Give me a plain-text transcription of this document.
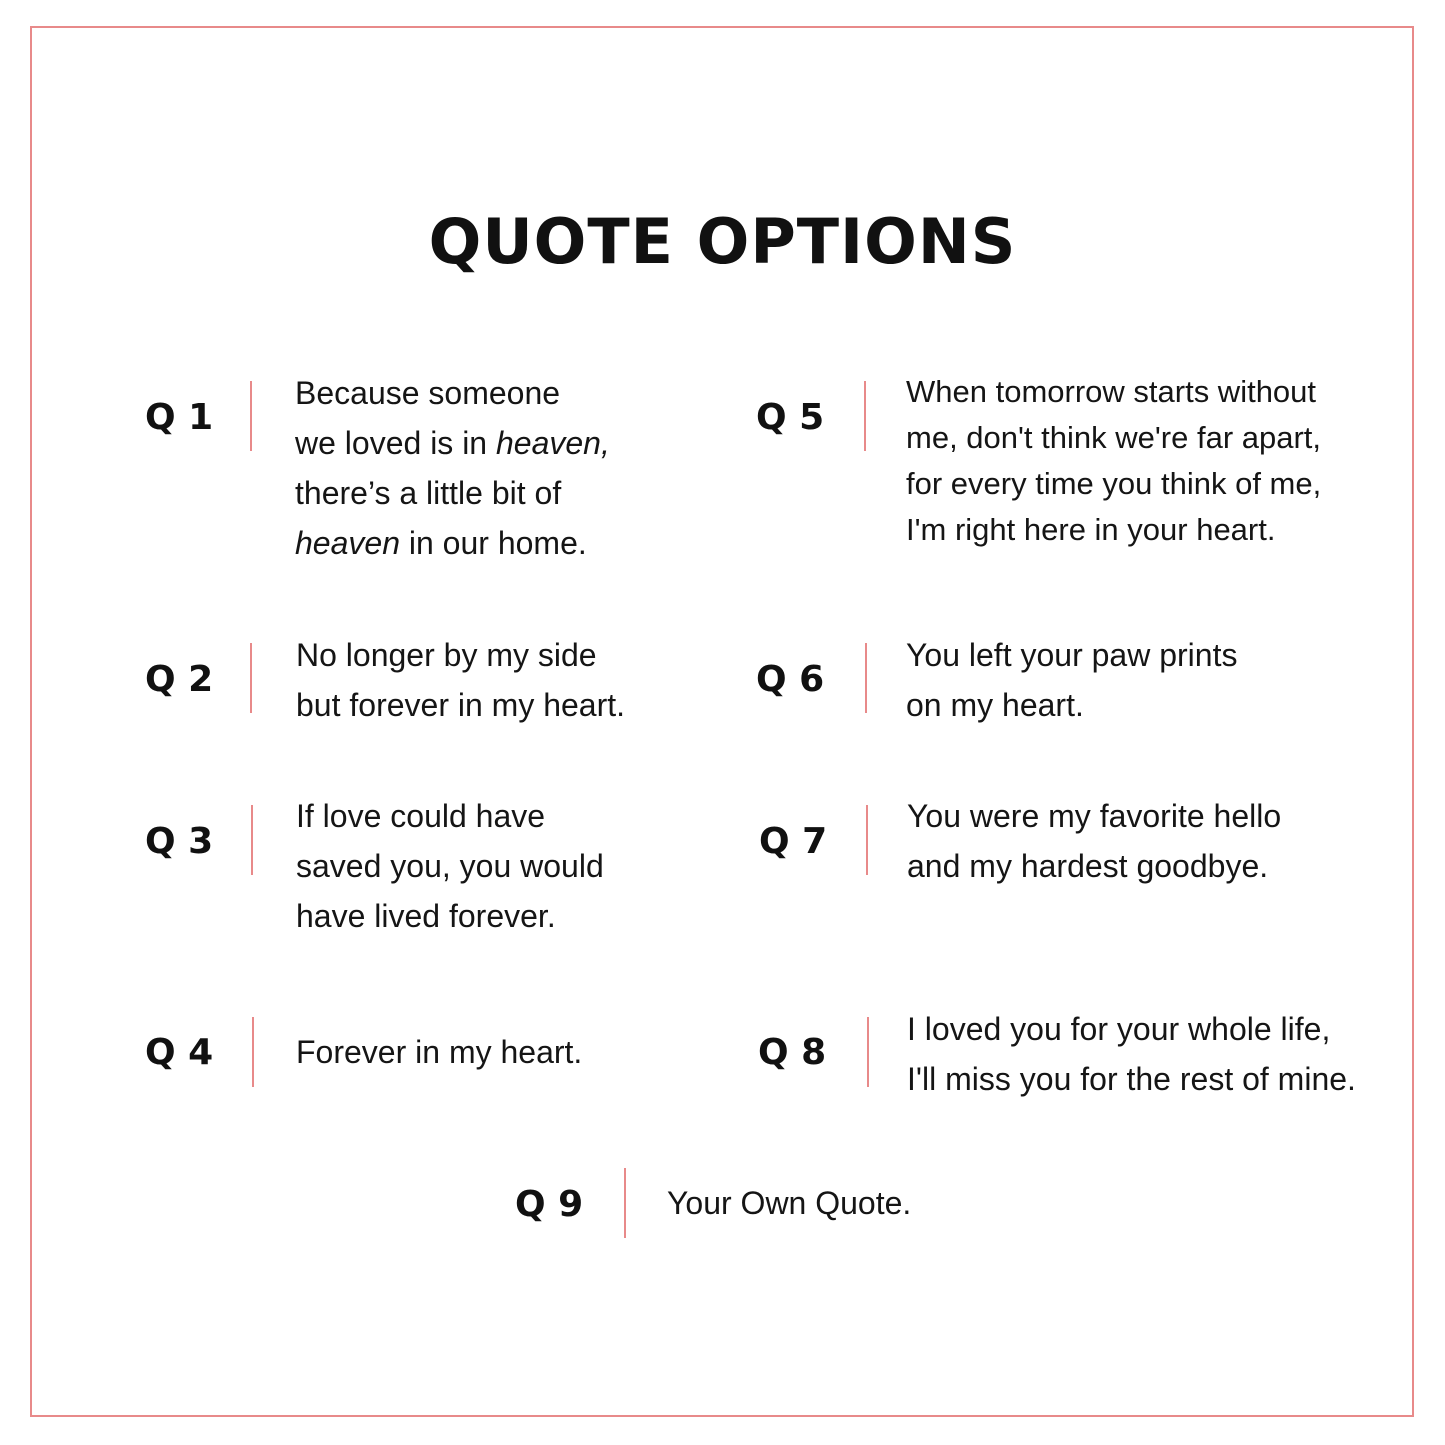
QUOTE OPTIONS
Q 1
Because someone
we loved is in heaven,
there’s a little bit of
heaven in our home.
Q 2
No longer by my side
but forever in my heart.
Q 3
If love could have
saved you, you would
have lived forever.
Q 4	Forever in my heart.
Q 5
When tomorrow starts without
me, don't think we're far apart,
for every time you think of me,
I'm right here in your heart.
Q 6
You left your paw prints
on my heart.
Q 7
You were my favorite hello
and my hardest goodbye.
Q 8
I loved you for your whole life,
I'll miss you for the rest of mine.
Q 9	Your Own Quote.
